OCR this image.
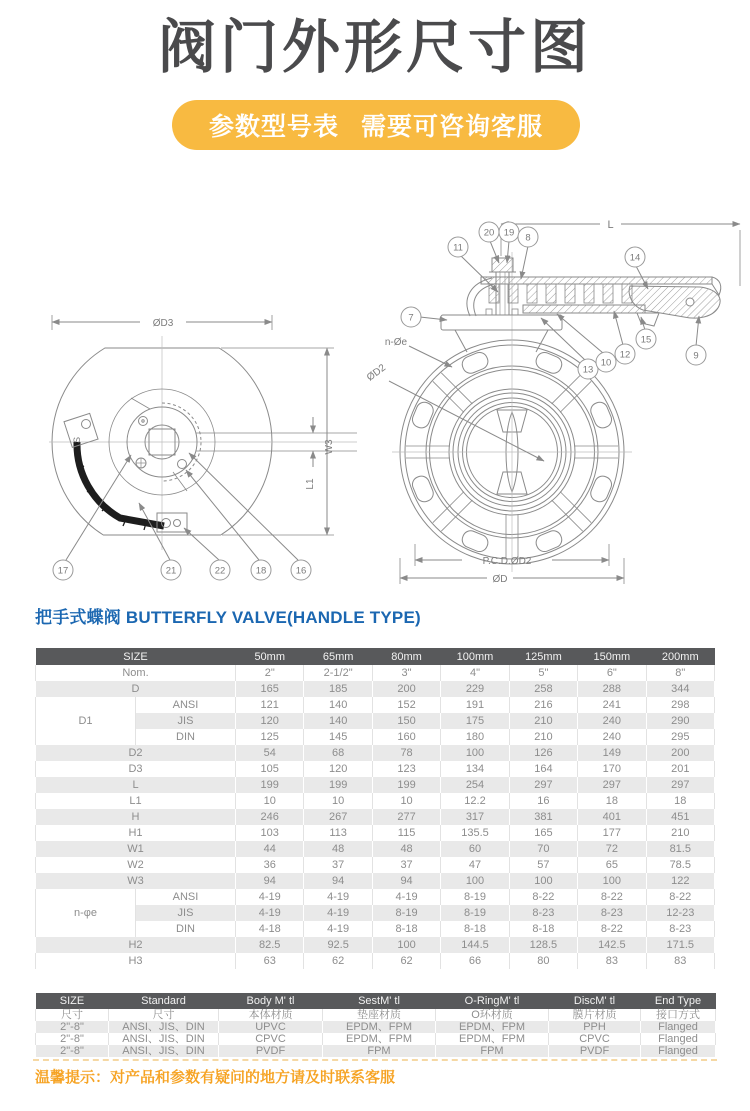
阀门外形尺寸图
参数型号表 需要可咨询客服
ØD3
W3
L1
S
17	21	22	18	16
L
n-Øe
ØD2
P.C.D.ØD2
ØD
11
20 19 8
14
7
13
10
12
15
9
把手式蝶阀 BUTTERFLY VALVE(HANDLE TYPE)
SIZE		50mm	65mm	80mm	100mm	125mm	150mm	200mm
Nom.		2"	2-1/2"	3"	4"	5"	6"	8"
D		165	185	200	229	258	288	344
D1	ANSI	121	140	152	191	216	241	298
	JIS	120	140	150	175	210	240	290
	DIN	125	145	160	180	210	240	295
D2		54	68	78	100	126	149	200
D3		105	120	123	134	164	170	201
L		199	199	199	254	297	297	297
L1		10	10	10	12.2	16	18	18
H		246	267	277	317	381	401	451
H1		103	113	115	135.5	165	177	210
W1		44	48	48	60	70	72	81.5
W2		36	37	37	47	57	65	78.5
W3		94	94	94	100	100	100	122
n-φe	ANSI	4-19	4-19	4-19	8-19	8-22	8-22	8-22
	JIS	4-19	4-19	8-19	8-19	8-23	8-23	12-23
	DIN	4-18	4-19	8-18	8-18	8-18	8-22	8-23
H2		82.5	92.5	100	144.5	128.5	142.5	171.5
H3		63	62	62	66	80	83	83
SIZE	Standard	Body M' tl	SestM' tl	O-RingM' tl	DiscM' tl	End Type
尺寸	尺寸	本体材质	垫座材质	O环材质	膜片材质	接口方式
2"-8"	ANSI、JIS、DIN	UPVC	EPDM、FPM	EPDM、FPM	PPH	Flanged
2"-8"	ANSI、JIS、DIN	CPVC	EPDM、FPM	EPDM、FPM	CPVC	Flanged
2"-8"	ANSI、JIS、DIN	PVDF	FPM	FPM	PVDF	Flanged
温馨提示：对产品和参数有疑问的地方请及时联系客服
